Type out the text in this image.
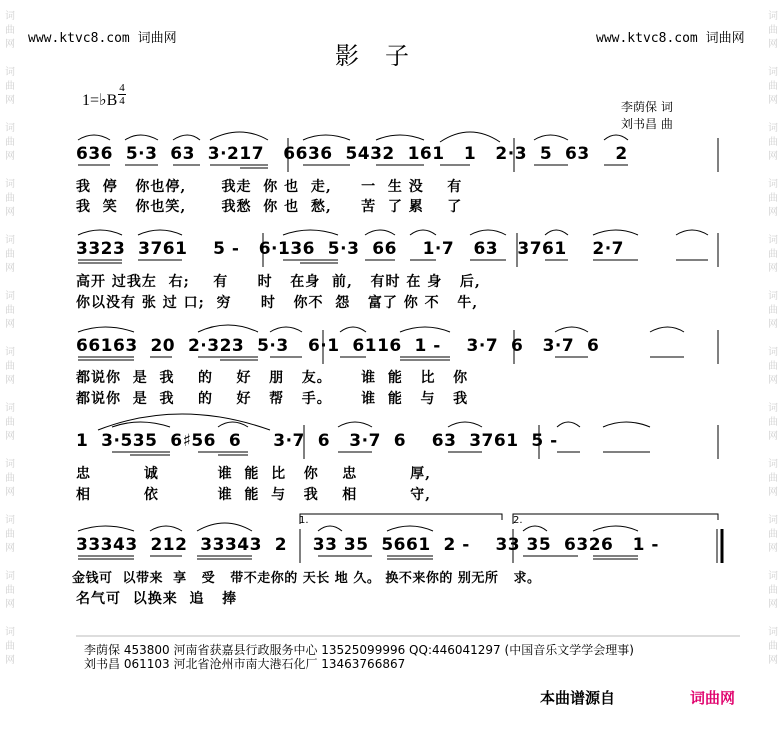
词曲网

词曲网

词曲网

词曲网

词曲网

词曲网

词曲网

词曲网

词曲网

词曲网

词曲网

词曲网
词曲网

词曲网

词曲网

词曲网

词曲网

词曲网

词曲网

词曲网

词曲网

词曲网

词曲网

词曲网
www.ktvc8.com 词曲网	www.ktvc8.com 词曲网
影子
1=♭B
4
4	李荫保 词
刘书昌 曲
636  5·3  63  3·217   6636  5432  161   1   2·3  5  63    2
我  停   你也停,      我走  你 也  走,     一  生 没    有
我  笑   你也笑,      我愁  你 也  愁,     苦  了 累    了
3323  3761    5 -   6·136  5·3  66    1·7   63   3761    2·7
高开 过我左  右;    有     时   在身  前,   有时 在 身   后,
你以没有 张 过 口;  穷     时   你不  怨   富了 你 不   牛,
66163  20  2·323  5·3   6·1  6116  1 -    3·7  6   3·7  6
都说你  是  我    的    好   朋   友。     谁  能   比   你
都说你  是  我    的    好   帮   手。     谁  能   与   我
1  3·535  6♯56  6     3·7  6   3·7  6    63  3761  5 -
忠         诚          谁  能  比   你    忠         厚,
相         依          谁  能  与   我    相         守,
33343  212  33343  2    33 35  5661  2 -    33 35  6326   1 -
金钱可  以带来  享   受   带不走你的 天长 地 久。 换不来你的 别无所   求。
名气可  以换来  追   捧
1.	2.
李荫保 453800 河南省获嘉县行政服务中心 13525099996 QQ:446041297 (中国音乐文学学会理事)
刘书昌 061103 河北省沧州市南大港石化厂 13463766867
本曲谱源自	词曲网
